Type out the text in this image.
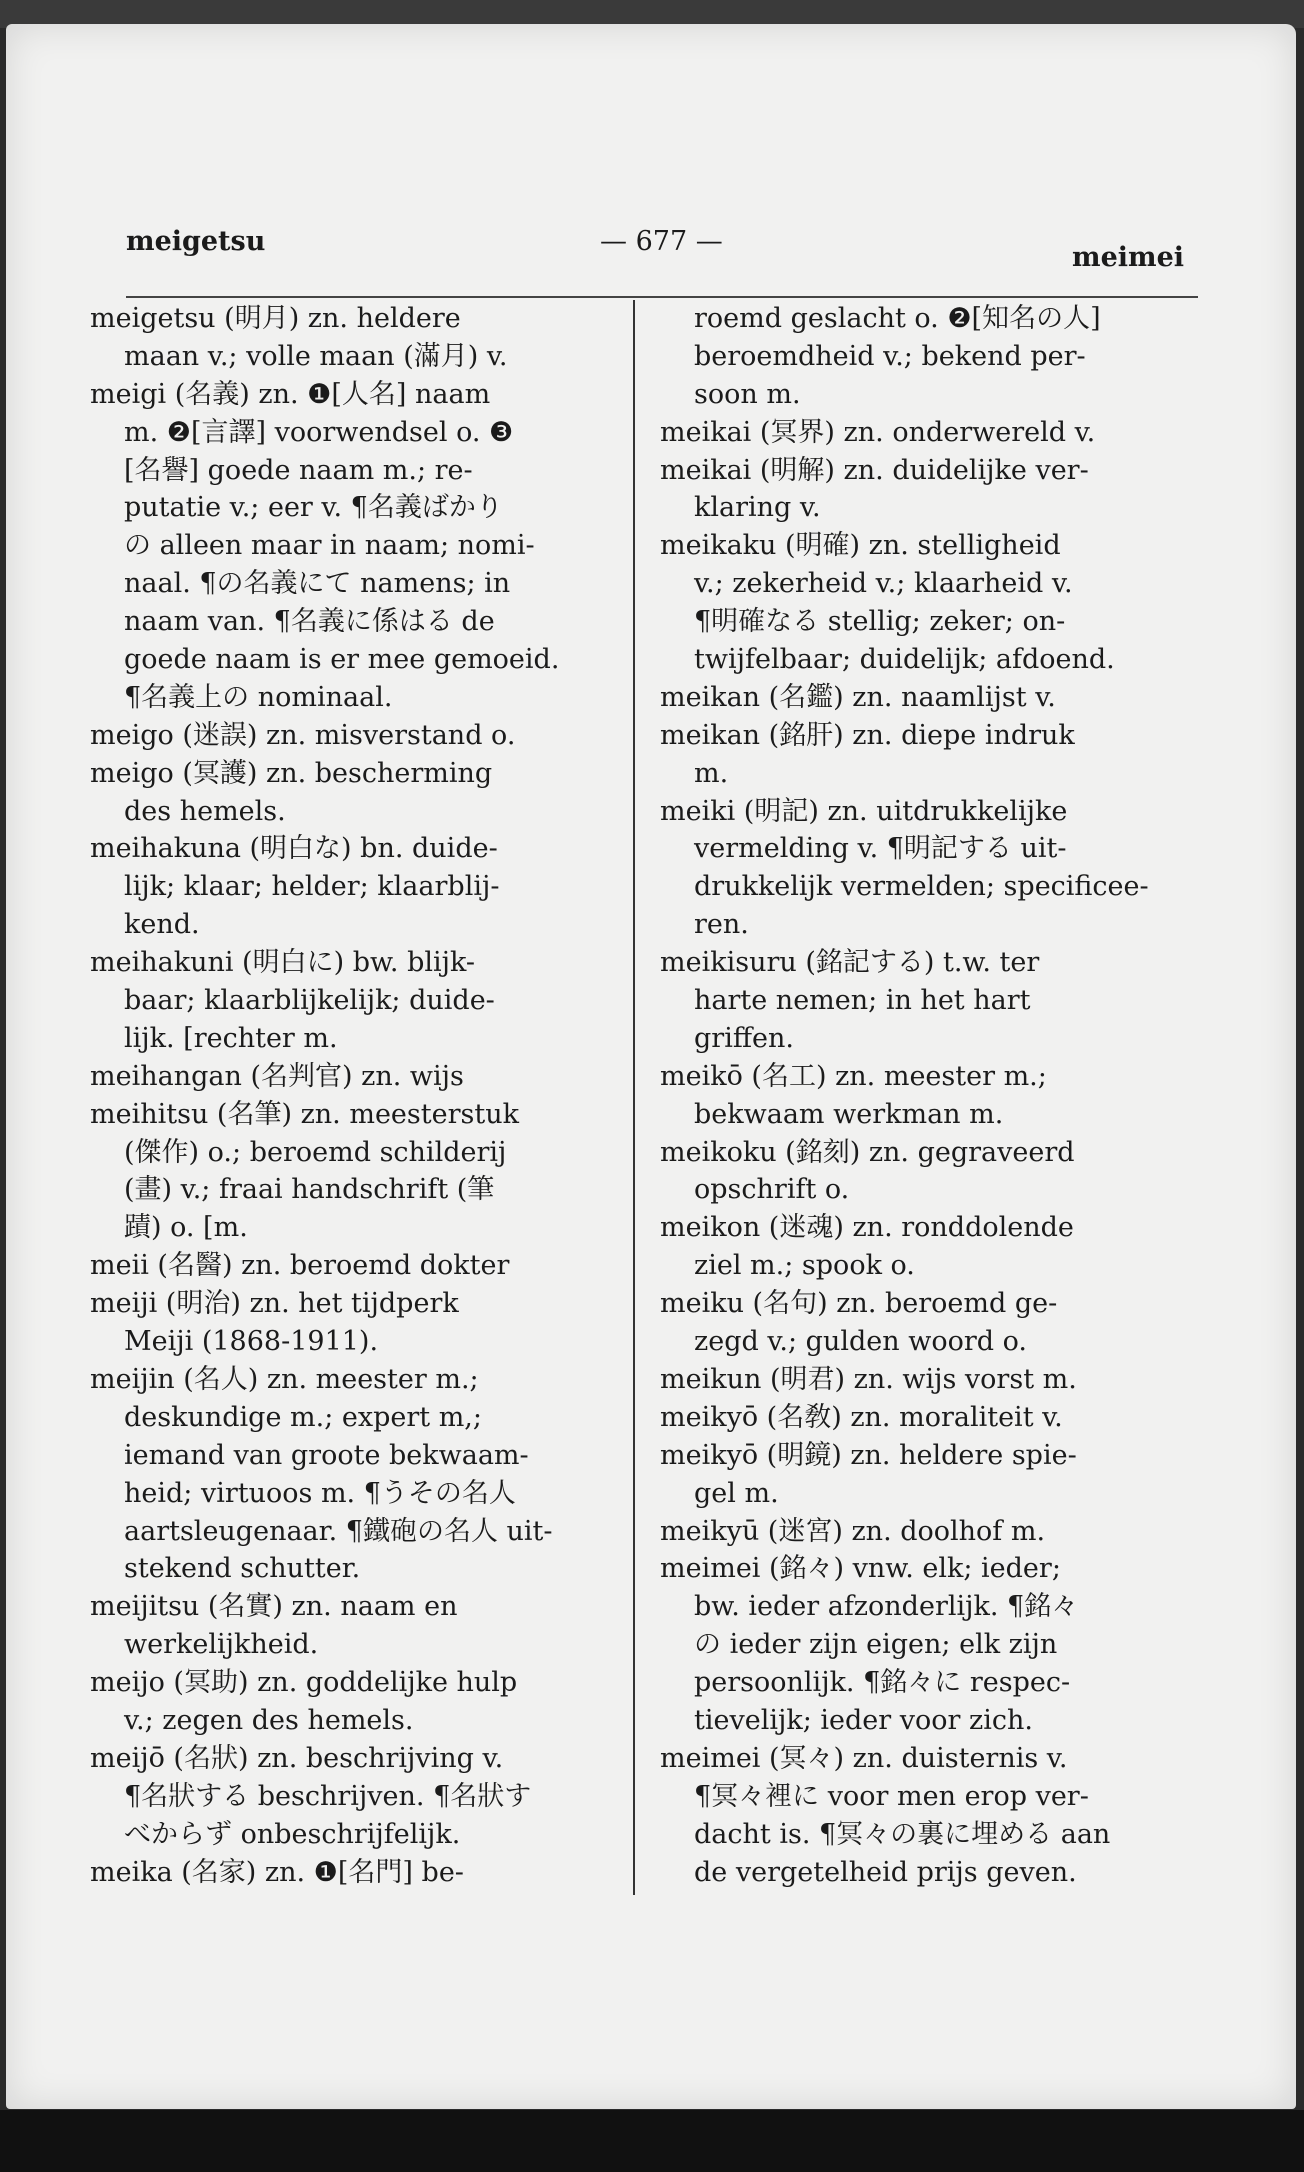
meigetsu	— 677 —
meimei
meigetsu (明月) zn. heldere
maan v.; volle maan (滿月) v.
meigi (名義) zn. ❶[人名] naam
m. ❷[言譯] voorwendsel o. ❸
[名譽] goede naam m.; re-
putatie v.; eer v. ¶名義ばかり
の alleen maar in naam; nomi-
naal. ¶の名義にて namens; in
naam van. ¶名義に係はる de
goede naam is er mee gemoeid.
¶名義上の nominaal.
meigo (迷誤) zn. misverstand o.
meigo (冥護) zn. bescherming
des hemels.
meihakuna (明白な) bn. duide-
lijk; klaar; helder; klaarblij-
kend.
meihakuni (明白に) bw. blijk-
baar; klaarblijkelijk; duide-
lijk. [rechter m.
meihangan (名判官) zn. wijs
meihitsu (名筆) zn. meesterstuk
(傑作) o.; beroemd schilderij
(畫) v.; fraai handschrift (筆
蹟) o. [m.
meii (名醫) zn. beroemd dokter
meiji (明治) zn. het tijdperk
Meiji (1868-1911).
meijin (名人) zn. meester m.;
deskundige m.; expert m,;
iemand van groote bekwaam-
heid; virtuoos m. ¶うその名人
aartsleugenaar. ¶鐵砲の名人 uit-
stekend schutter.
meijitsu (名實) zn. naam en
werkelijkheid.
meijo (冥助) zn. goddelijke hulp
v.; zegen des hemels.
meijō (名狀) zn. beschrijving v.
¶名狀する beschrijven. ¶名狀す
べからず onbeschrijfelijk.
meika (名家) zn. ❶[名門] be-
roemd geslacht o. ❷[知名の人]
beroemdheid v.; bekend per-
soon m.
meikai (冥界) zn. onderwereld v.
meikai (明解) zn. duidelijke ver-
klaring v.
meikaku (明確) zn. stelligheid
v.; zekerheid v.; klaarheid v.
¶明確なる stellig; zeker; on-
twijfelbaar; duidelijk; afdoend.
meikan (名鑑) zn. naamlijst v.
meikan (銘肝) zn. diepe indruk
m.
meiki (明記) zn. uitdrukkelijke
vermelding v. ¶明記する uit-
drukkelijk vermelden; specificee-
ren.
meikisuru (銘記する) t.w. ter
harte nemen; in het hart
griffen.
meikō (名工) zn. meester m.;
bekwaam werkman m.
meikoku (銘刻) zn. gegraveerd
opschrift o.
meikon (迷魂) zn. ronddolende
ziel m.; spook o.
meiku (名句) zn. beroemd ge-
zegd v.; gulden woord o.
meikun (明君) zn. wijs vorst m.
meikyō (名敎) zn. moraliteit v.
meikyō (明鏡) zn. heldere spie-
gel m.
meikyū (迷宮) zn. doolhof m.
meimei (銘々) vnw. elk; ieder;
bw. ieder afzonderlijk. ¶銘々
の ieder zijn eigen; elk zijn
persoonlijk. ¶銘々に respec-
tievelijk; ieder voor zich.
meimei (冥々) zn. duisternis v.
¶冥々裡に voor men erop ver-
dacht is. ¶冥々の裏に埋める aan
de vergetelheid prijs geven.
